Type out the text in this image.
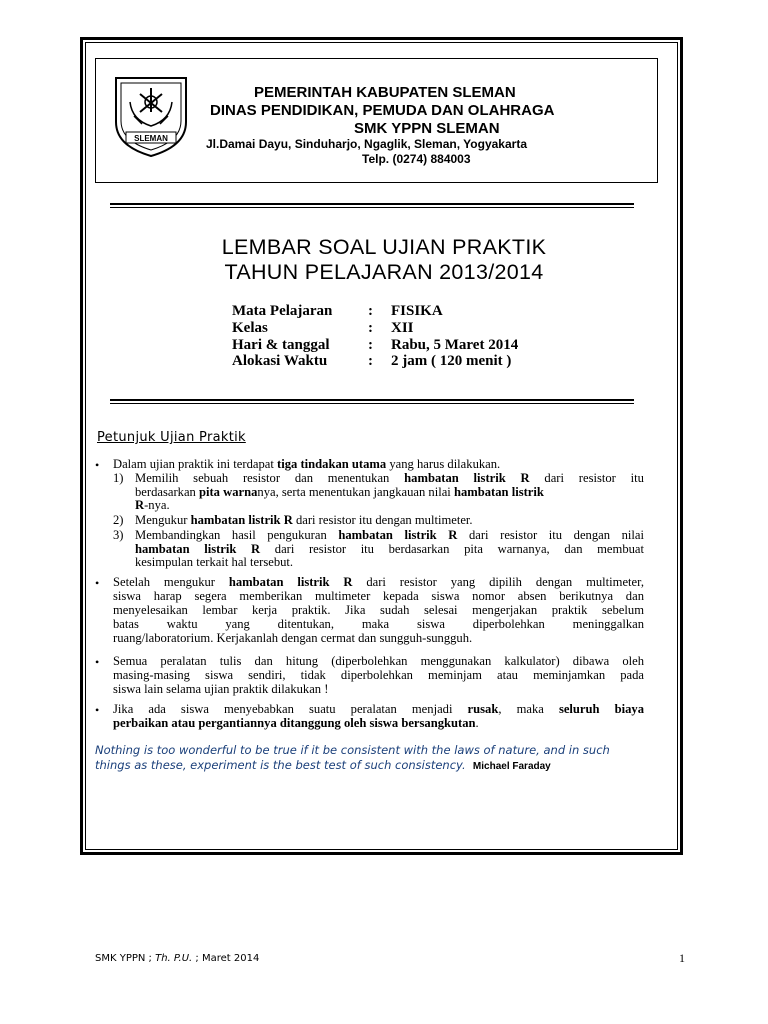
SLEMAN
PEMERINTAH KABUPATEN SLEMAN
DINAS PENDIDIKAN, PEMUDA DAN OLAHRAGA
SMK YPPN SLEMAN
Jl.Damai Dayu, Sinduharjo, Ngaglik, Sleman, Yogyakarta
Telp. (0274) 884003
LEMBAR SOAL UJIAN PRAKTIK
TAHUN PELAJARAN 2013/2014
Mata Pelajaran : FISIKA
Kelas	: XII
Hari & tanggal	: Rabu, 5 Maret 2014
Alokasi Waktu	: 2 jam ( 120 menit )
Petunjuk Ujian Praktik
• Dalam ujian praktik ini terdapat tiga tindakan utama yang harus dilakukan.
1) Memilih sebuah resistor dan menentukan hambatan listrik R dari resistor itu
berdasarkan pita warnanya, serta menentukan jangkauan nilai hambatan listrik
R-nya.
2) Mengukur hambatan listrik R dari resistor itu dengan multimeter.
3) Membandingkan hasil pengukuran hambatan listrik R dari resistor itu dengan nilai
hambatan listrik R dari resistor itu berdasarkan pita warnanya, dan membuat
kesimpulan terkait hal tersebut.
• Setelah mengukur hambatan listrik R dari resistor yang dipilih dengan multimeter,
siswa harap segera memberikan multimeter kepada siswa nomor absen berikutnya dan
menyelesaikan lembar kerja praktik. Jika sudah selesai mengerjakan praktik sebelum
batas waktu yang ditentukan, maka siswa diperbolehkan meninggalkan
ruang/laboratorium. Kerjakanlah dengan cermat dan sungguh-sungguh.
• Semua peralatan tulis dan hitung (diperbolehkan menggunakan kalkulator) dibawa oleh
masing-masing siswa sendiri, tidak diperbolehkan meminjam atau meminjamkan pada
siswa lain selama ujian praktik dilakukan !
• Jika ada siswa menyebabkan suatu peralatan menjadi rusak, maka seluruh biaya
perbaikan atau pergantiannya ditanggung oleh siswa bersangkutan.
Nothing is too wonderful to be true if it be consistent with the laws of nature, and in such
things as these, experiment is the best test of such consistency. Michael Faraday
SMK YPPN ; Th. P.U. ; Maret 2014	1
